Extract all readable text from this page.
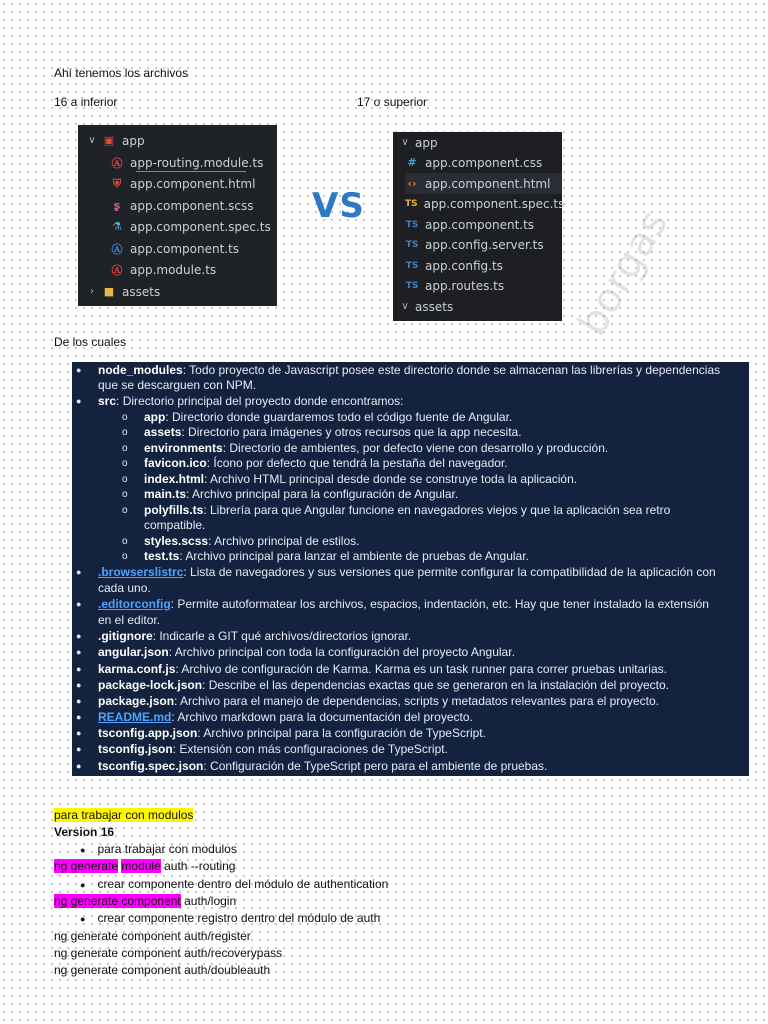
Ahí tenemos los archivos
16 a inferior	17 o superior
∨ ▣ app
Ⓐ app-routing.module.ts
⛨ app.component.html
ʂ app.component.scss
⚗ app.component.spec.ts
Ⓐ app.component.ts
Ⓐ app.module.ts
› ■ assets
VS
∨ app
# app.component.css
‹› app.component.html
TS app.component.spec.ts
TS app.component.ts
TS app.config.server.ts
TS app.config.ts
TS app.routes.ts
∨ assets	borgas
De los cuales
● node_modules: Todo proyecto de Javascript posee este directorio donde se almacenan las librerías y dependencias
que se descarguen con NPM.
● src: Directorio principal del proyecto donde encontramos:
o app: Directorio donde guardaremos todo el código fuente de Angular.
o assets: Directorio para imágenes y otros recursos que la app necesita.
o environments: Directorio de ambientes, por defecto viene con desarrollo y producción.
o favicon.ico: Ícono por defecto que tendrá la pestaña del navegador.
o index.html: Archivo HTML principal desde donde se construye toda la aplicación.
o main.ts: Archivo principal para la configuración de Angular.
o polyfills.ts: Librería para que Angular funcione en navegadores viejos y que la aplicación sea retro
compatible.
o styles.scss: Archivo principal de estilos.
o test.ts: Archivo principal para lanzar el ambiente de pruebas de Angular.
● .browserslistrc: Lista de navegadores y sus versiones que permite configurar la compatibilidad de la aplicación con
cada uno.
● .editorconfig: Permite autoformatear los archivos, espacios, indentación, etc. Hay que tener instalado la extensión
en el editor.
● .gitignore: Indicarle a GIT qué archivos/directorios ignorar.
● angular.json: Archivo principal con toda la configuración del proyecto Angular.
● karma.conf.js: Archivo de configuración de Karma. Karma es un task runner para correr pruebas unitarias.
● package-lock.json: Describe el las dependencias exactas que se generaron en la instalación del proyecto.
● package.json: Archivo para el manejo de dependencias, scripts y metadatos relevantes para el proyecto.
● README.md: Archivo markdown para la documentación del proyecto.
● tsconfig.app.json: Archivo principal para la configuración de TypeScript.
● tsconfig.json: Extensión con más configuraciones de TypeScript.
● tsconfig.spec.json: Configuración de TypeScript pero para el ambiente de pruebas.
para trabajar con modulos
Version 16
● para trabajar con modulos
ng generate module auth --routing
● crear componente dentro del módulo de authentication
ng generate component auth/login
● crear componente registro dentro del módulo de auth
ng generate component auth/register
ng generate component auth/recoverypass
ng generate component auth/doubleauth
